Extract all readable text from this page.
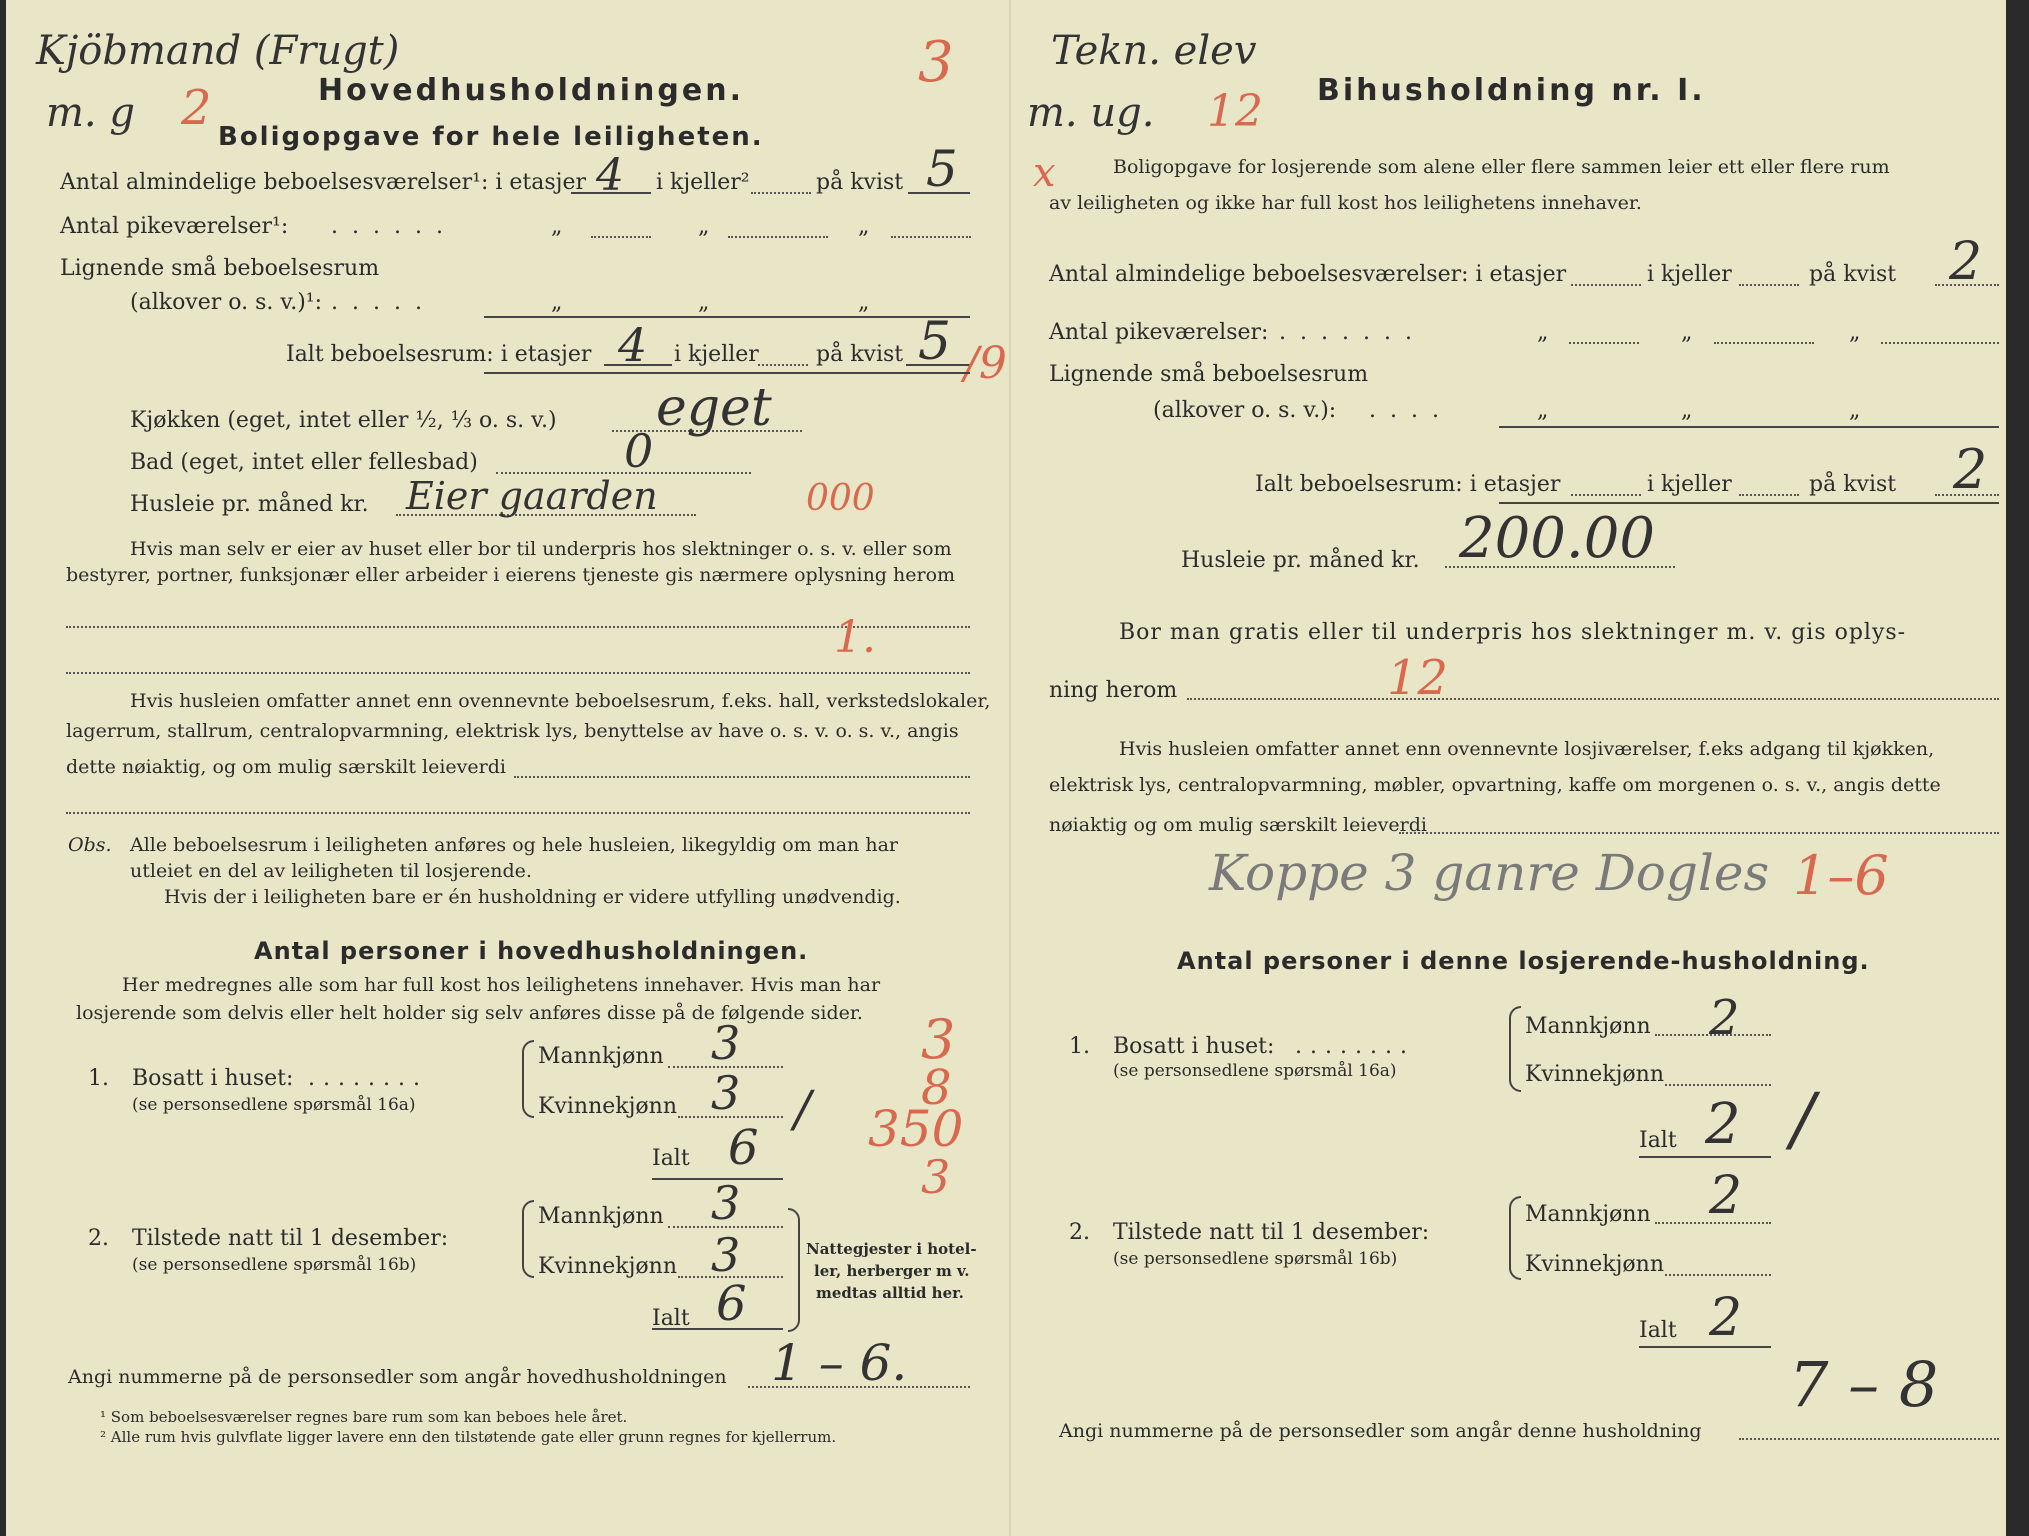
Kjöbmand (Frugt)
m. g 2
3
Hovedhusholdningen.
Boligopgave for hele leiligheten.
Antal almindelige beboelsesværelser¹: i etasjer 4 i kjeller²	på kvist 5
Antal pikeværelser¹: ......	„	„	„
Lignende små beboelsesrum
(alkover o. s. v.)¹: .....	„	„	„
Ialt beboelsesrum: i etasjer 4 i kjeller	på kvist 5 /9
Kjøkken (eget, intet eller ½, ⅓ o. s. v.) eget
Bad (eget, intet eller fellesbad)	0
Husleie pr. måned kr. Eier gaarden	000
Hvis man selv er eier av huset eller bor til underpris hos slektninger o. s. v. eller som
bestyrer, portner, funksjonær eller arbeider i eierens tjeneste gis nærmere oplysning herom
1.
Hvis husleien omfatter annet enn ovennevnte beboelsesrum, f.eks. hall, verkstedslokaler,
lagerrum, stallrum, centralopvarmning, elektrisk lys, benyttelse av have o. s. v. o. s. v., angis
dette nøiaktig, og om mulig særskilt leieverdi
Obs. Alle beboelsesrum i leiligheten anføres og hele husleien, likegyldig om man har
utleiet en del av leiligheten til losjerende.
Hvis der i leiligheten bare er én husholdning er videre utfylling unødvendig.
Antal personer i hovedhusholdningen.
Her medregnes alle som har full kost hos leilighetens innehaver. Hvis man har
losjerende som delvis eller helt holder sig selv anføres disse på de følgende sider.
1. Bosatt i huset: ........
(se personsedlene spørsmål 16a)
Mannkjønn 3
Kvinnekjønn 3 /
Ialt 6
3
8
350
3
2. Tilstede natt til 1 desember:
(se personsedlene spørsmål 16b)
Mannkjønn 3
Kvinnekjønn 3
Ialt 6
Nattegjester i hotel-
ler, herberger m v.
medtas alltid her.
Angi nummerne på de personsedler som angår hovedhusholdningen 1 – 6.
¹ Som beboelsesværelser regnes bare rum som kan beboes hele året.
² Alle rum hvis gulvflate ligger lavere enn den tilstøtende gate eller grunn regnes for kjellerrum.
Tekn. elev
m. ug. 12
x
Bihusholdning nr. I.
Boligopgave for losjerende som alene eller flere sammen leier ett eller flere rum
av leiligheten og ikke har full kost hos leilighetens innehaver.
Antal almindelige beboelsesværelser: i etasjer	i kjeller	på kvist 2
Antal pikeværelser: .......	„	„	„
Lignende små beboelsesrum
(alkover o. s. v.): ....	„	„	„
Ialt beboelsesrum: i etasjer	i kjeller	på kvist 2
Husleie pr. måned kr. 200.00
Bor man gratis eller til underpris hos slektninger m. v. gis oplys-
ning herom	12
Hvis husleien omfatter annet enn ovennevnte losjiværelser, f.eks adgang til kjøkken,
elektrisk lys, centralopvarmning, møbler, opvartning, kaffe om morgenen o. s. v., angis dette
nøiaktig og om mulig særskilt leieverdi
Koppe 3 ganre Dogles 1–6
Antal personer i denne losjerende-husholdning.
1. Bosatt i huset: ........
(se personsedlene spørsmål 16a)
Mannkjønn 2
Kvinnekjønn
Ialt 2 /
2. Tilstede natt til 1 desember:
(se personsedlene spørsmål 16b)
Mannkjønn 2
Kvinnekjønn
Ialt 2
7 – 8
Angi nummerne på de personsedler som angår denne husholdning
